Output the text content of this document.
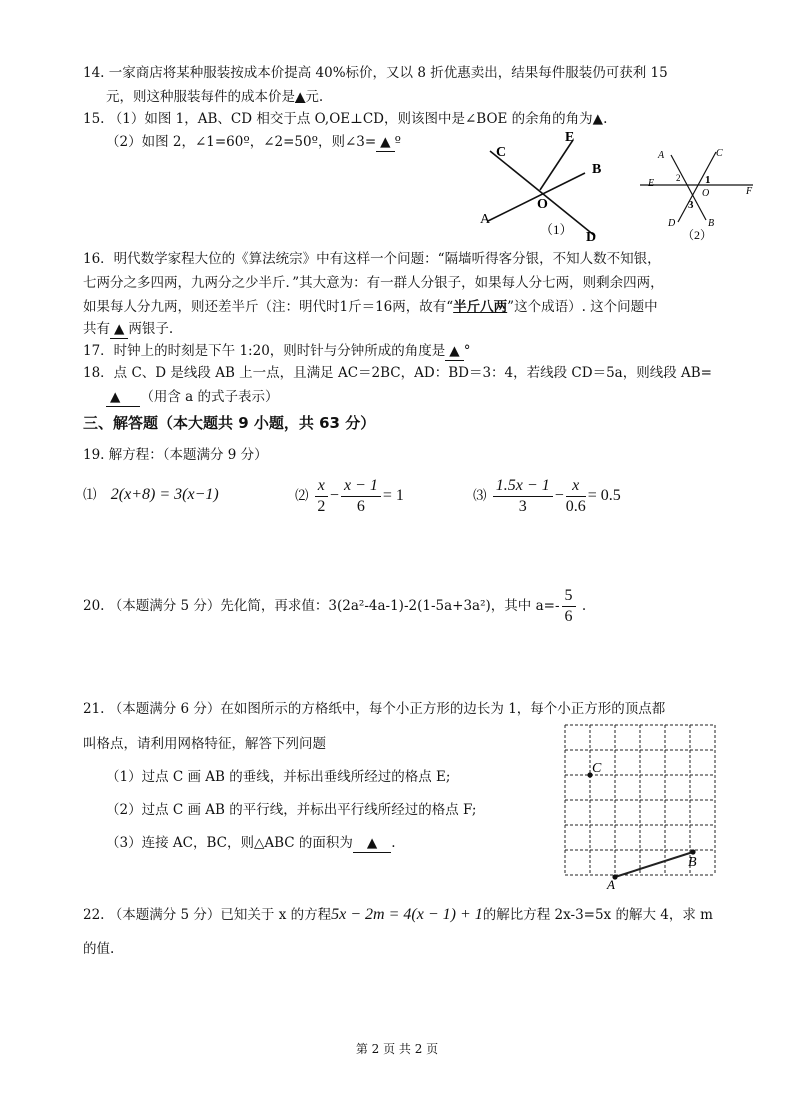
14. 一家商店将某种服装按成本价提高 40%标价，又以 8 折优惠卖出，结果每件服装仍可获利 15
元，则这种服装每件的成本价是▲元.
15. （1）如图 1，AB、CD 相交于点 O,OE⊥CD，则该图中是∠BOE 的余角的角为▲.
（2）如图 2，∠1=60º，∠2=50º，则∠3= ▲ º
C
E
B
O
A
D
（1）
A	C
E
F
O
D	B
1
2
3
（2）
16．明代数学家程大位的《算法统宗》中有这样一个问题：“隔墙听得客分银，不知人数不知银，
七两分之多四两，九两分之少半斤．”其大意为：有一群人分银子，如果每人分七两，则剩余四两，
如果每人分九两，则还差半斤（注：明代时1斤＝16两，故有“半斤八两”这个成语）. 这个问题中
共有 ▲ 两银子.
17．时钟上的时刻是下午 1:20，则时针与分钟所成的角度是 ▲ °
18．点 C、D 是线段 AB 上一点，且满足 AC＝2BC，AD：BD＝3：4，若线段 CD＝5a，则线段 AB=
▲ （用含 a 的式子表示）
三、解答题（本大题共 9 小题，共 63 分）
19. 解方程：（本题满分 9 分）
⑴ 2(x+8) = 3(x−1)	⑵ $\frac{x}{2} - \frac{x - 1}{6} = 1$	⑶ $\frac{1.5x - 1}{3} - \frac{x}{0.6} = 0.5$
20. （本题满分 5 分）先化简，再求值：3(2a²-4a-1)-2(1-5a+3a²)，其中 $a=- \frac{5}{6}$ .
21. （本题满分 6 分）在如图所示的方格纸中，每个小正方形的边长为 1，每个小正方形的顶点都
叫格点，请利用网格特征，解答下列问题
（1）过点 C 画 AB 的垂线，并标出垂线所经过的格点 E;
（2）过点 C 画 AB 的平行线，并标出平行线所经过的格点 F;
（3）连接 AC，BC，则△ABC 的面积为 ▲ .
C
A
B
22. （本题满分 5 分）已知关于 x 的方程5x − 2m = 4(x − 1) + 1的解比方程 2x-3=5x 的解大 4，求 m
的值.
第 2 页 共 2 页
